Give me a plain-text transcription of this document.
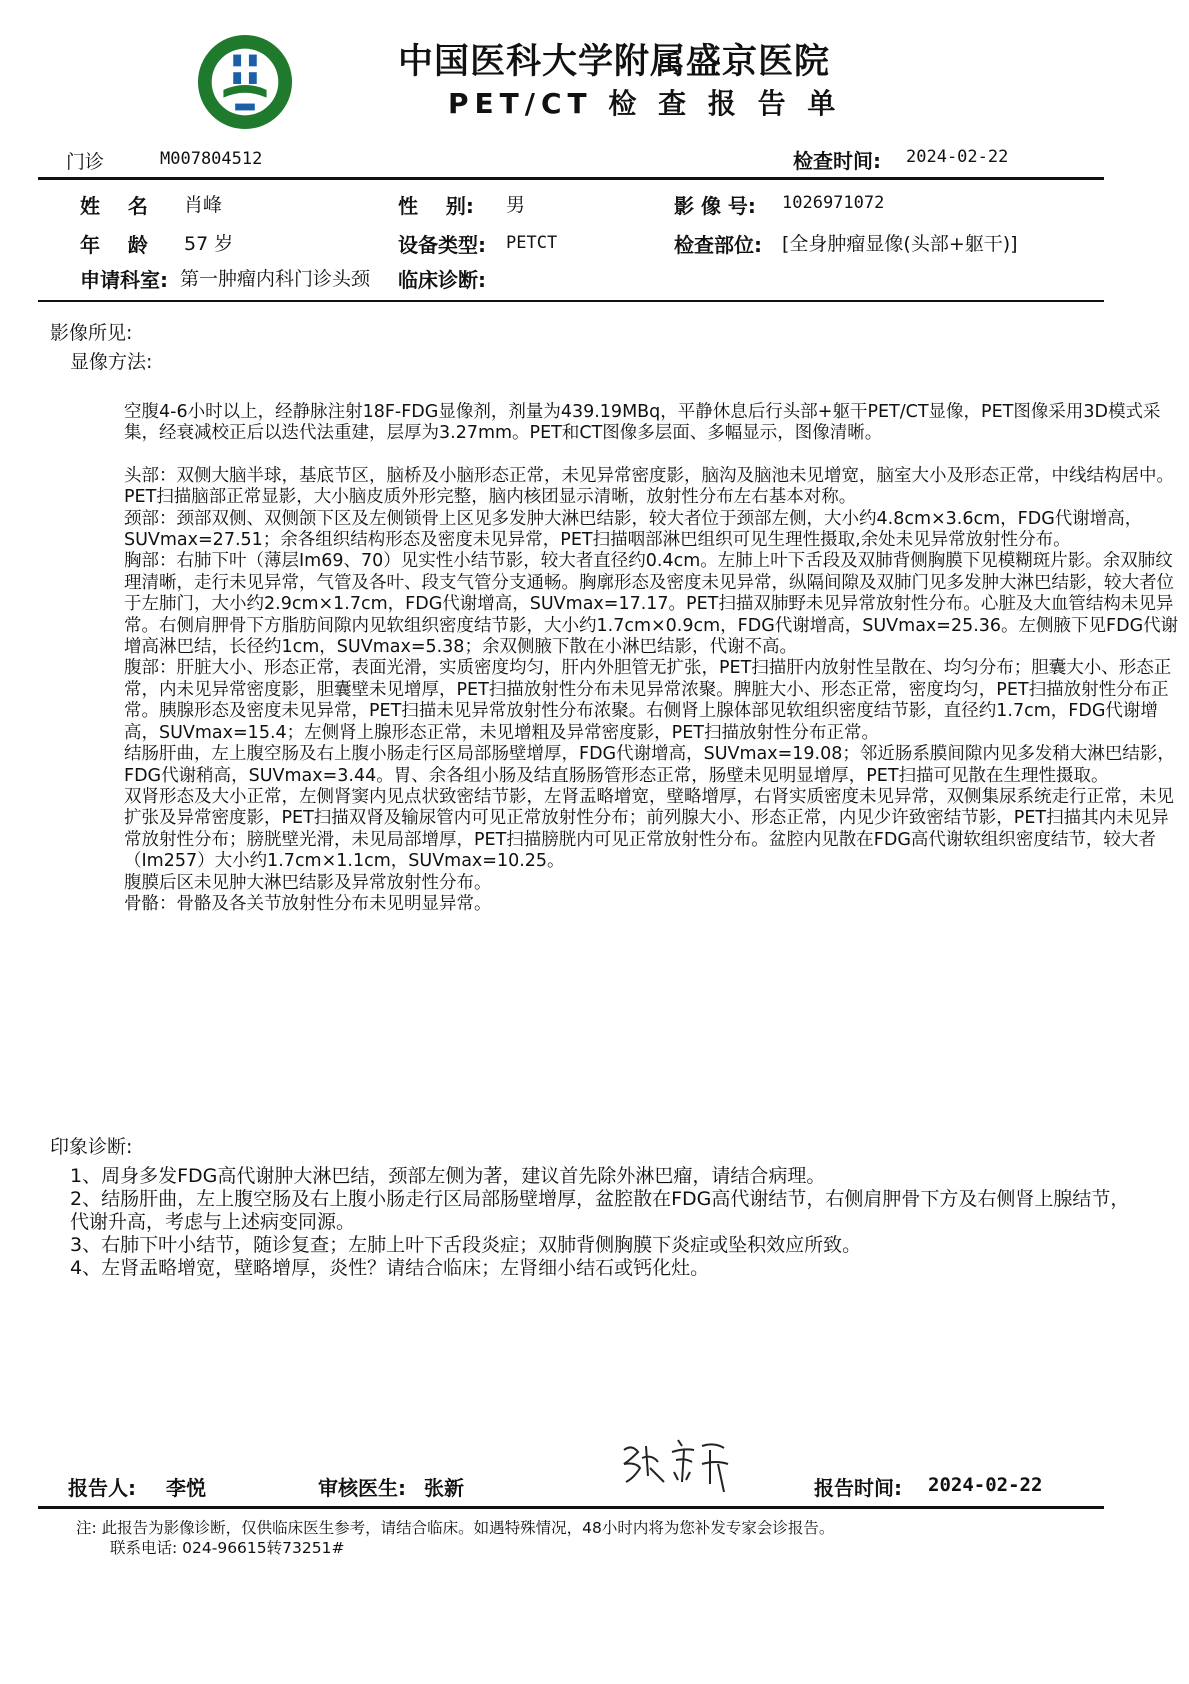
中国医科大学附属盛京医院
PET/CT 检 查 报 告 单
门诊	M007804512	检查时间: 2024-02-22
姓    名 肖峰	性    别: 男	影 像 号: 1026971072
年    龄 57 岁	设备类型: PETCT	检查部位: [全身肿瘤显像(头部+躯干)]
申请科室: 第一肿瘤内科门诊头颈 临床诊断:
影像所见:
显像方法:

空腹4-6小时以上，经静脉注射18F-FDG显像剂，剂量为439.19MBq，平静休息后行头部+躯干PET/CT显像，PET图像采用3D模式采集，经衰减校正后以迭代法重建，层厚为3.27mm。PET和CT图像多层面、多幅显示，图像清晰。

头部：双侧大脑半球，基底节区，脑桥及小脑形态正常，未见异常密度影，脑沟及脑池未见增宽，脑室大小及形态正常，中线结构居中。PET扫描脑部正常显影，大小脑皮质外形完整，脑内核团显示清晰，放射性分布左右基本对称。

颈部：颈部双侧、双侧颌下区及左侧锁骨上区见多发肿大淋巴结影，较大者位于颈部左侧，大小约4.8cm×3.6cm，FDG代谢增高，SUVmax=27.51；余各组织结构形态及密度未见异常，PET扫描咽部淋巴组织可见生理性摄取,余处未见异常放射性分布。

胸部：右肺下叶（薄层Im69、70）见实性小结节影，较大者直径约0.4cm。左肺上叶下舌段及双肺背侧胸膜下见模糊斑片影。余双肺纹理清晰，走行未见异常，气管及各叶、段支气管分支通畅。胸廓形态及密度未见异常，纵隔间隙及双肺门见多发肿大淋巴结影，较大者位于左肺门，大小约2.9cm×1.7cm，FDG代谢增高，SUVmax=17.17。PET扫描双肺野未见异常放射性分布。心脏及大血管结构未见异常。右侧肩胛骨下方脂肪间隙内见软组织密度结节影，大小约1.7cm×0.9cm，FDG代谢增高，SUVmax=25.36。左侧腋下见FDG代谢增高淋巴结，长径约1cm，SUVmax=5.38；余双侧腋下散在小淋巴结影，代谢不高。

腹部：肝脏大小、形态正常，表面光滑，实质密度均匀，肝内外胆管无扩张，PET扫描肝内放射性呈散在、均匀分布；胆囊大小、形态正常，内未见异常密度影，胆囊壁未见增厚，PET扫描放射性分布未见异常浓聚。脾脏大小、形态正常，密度均匀，PET扫描放射性分布正常。胰腺形态及密度未见异常，PET扫描未见异常放射性分布浓聚。右侧肾上腺体部见软组织密度结节影，直径约1.7cm，FDG代谢增高，SUVmax=15.4；左侧肾上腺形态正常，未见增粗及异常密度影，PET扫描放射性分布正常。

结肠肝曲，左上腹空肠及右上腹小肠走行区局部肠壁增厚，FDG代谢增高，SUVmax=19.08；邻近肠系膜间隙内见多发稍大淋巴结影，FDG代谢稍高，SUVmax=3.44。胃、余各组小肠及结直肠肠管形态正常，肠壁未见明显增厚，PET扫描可见散在生理性摄取。

双肾形态及大小正常，左侧肾窦内见点状致密结节影，左肾盂略增宽，壁略增厚，右肾实质密度未见异常，双侧集尿系统走行正常，未见扩张及异常密度影，PET扫描双肾及输尿管内可见正常放射性分布；前列腺大小、形态正常，内见少许致密结节影，PET扫描其内未见异常放射性分布；膀胱壁光滑，未见局部增厚，PET扫描膀胱内可见正常放射性分布。盆腔内见散在FDG高代谢软组织密度结节，较大者（Im257）大小约1.7cm×1.1cm，SUVmax=10.25。

腹膜后区未见肿大淋巴结影及异常放射性分布。

骨骼：骨骼及各关节放射性分布未见明显异常。

印象诊断:

1、周身多发FDG高代谢肿大淋巴结，颈部左侧为著，建议首先除外淋巴瘤，请结合病理。

2、结肠肝曲，左上腹空肠及右上腹小肠走行区局部肠壁增厚，盆腔散在FDG高代谢结节，右侧肩胛骨下方及右侧肾上腺结节，代谢升高，考虑与上述病变同源。

3、右肺下叶小结节，随诊复查；左肺上叶下舌段炎症；双肺背侧胸膜下炎症或坠积效应所致。

4、左肾盂略增宽，壁略增厚，炎性？请结合临床；左肾细小结石或钙化灶。

报告人: 李悦	审核医生: 张新	报告时间: 2024-02-22
注: 此报告为影像诊断，仅供临床医生参考，请结合临床。如遇特殊情况，48小时内将为您补发专家会诊报告。
联系电话: 024-96615转73251#
